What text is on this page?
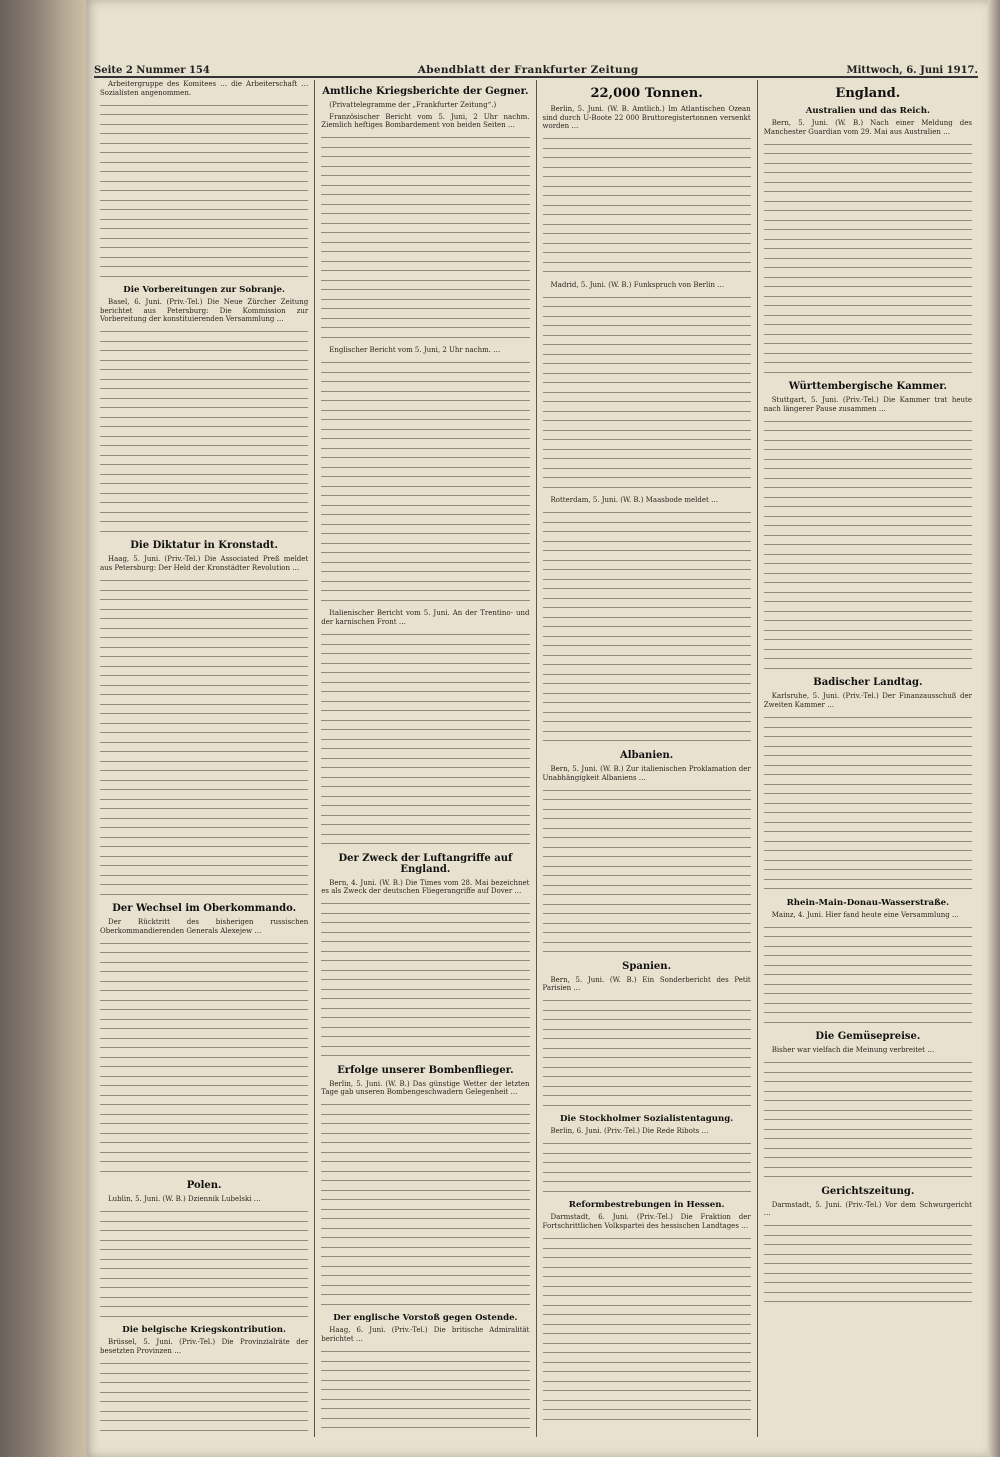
Seite 2 Nummer 154	Abendblatt der Frankfurter Zeitung	Mittwoch, 6. Juni 1917.

Arbeitergruppe des Komitees … die Arbeiterschaft … Sozialisten angenommen.

Die Vorbereitungen zur Sobranje.

Basel, 6. Juni. (Priv.-Tel.) Die Neue Zürcher Zeitung berichtet aus Petersburg: Die Kommission zur Vorbereitung der konstituierenden Versammlung …

Die Diktatur in Kronstadt.

Haag, 5. Juni. (Priv.-Tel.) Die Associated Preß meldet aus Petersburg: Der Held der Kronstädter Revolution …

Der Wechsel im Oberkommando.

Der Rücktritt des bisherigen russischen Oberkommandierenden Generals Alexejew …

Polen.

Lublin, 5. Juni. (W. B.) Dziennik Lubelski …

Die belgische Kriegskontribution.

Brüssel, 5. Juni. (Priv.-Tel.) Die Provinzialräte der besetzten Provinzen …

Amtliche Kriegsberichte der Gegner.

(Privattelegramme der „Frankfurter Zeitung“.)

Französischer Bericht vom 5. Juni, 2 Uhr nachm. Ziemlich heftiges Bombardement von beiden Seiten …

Englischer Bericht vom 5. Juni, 2 Uhr nachm. …

Italienischer Bericht vom 5. Juni. An der Trentino- und der karnischen Front …

Der Zweck der Luftangriffe auf England.

Bern, 4. Juni. (W. B.) Die Times vom 28. Mai bezeichnet es als Zweck der deutschen Fliegerangriffe auf Dover …

Erfolge unserer Bombenflieger.

Berlin, 5. Juni. (W. B.) Das günstige Wetter der letzten Tage gab unseren Bombengeschwadern Gelegenheit …

Der englische Vorstoß gegen Ostende.

Haag, 6. Juni. (Priv.-Tel.) Die britische Admiralität berichtet …

22,000 Tonnen.

Berlin, 5. Juni. (W. B. Amtlich.) Im Atlantischen Ozean sind durch U-Boote 22 000 Bruttoregistertonnen versenkt worden …

Madrid, 5. Juni. (W. B.) Funkspruch von Berlin …

Rotterdam, 5. Juni. (W. B.) Maasbode meldet …

Albanien.

Bern, 5. Juni. (W. B.) Zur italienischen Proklamation der Unabhängigkeit Albaniens …

Spanien.

Bern, 5. Juni. (W. B.) Ein Sonderbericht des Petit Parisien …

Die Stockholmer Sozialistentagung.

Berlin, 6. Juni. (Priv.-Tel.) Die Rede Ribots …

Reformbestrebungen in Hessen.

Darmstadt, 6. Juni. (Priv.-Tel.) Die Fraktion der Fortschrittlichen Volkspartei des hessischen Landtages …

England.
Australien und das Reich.

Bern, 5. Juni. (W. B.) Nach einer Meldung des Manchester Guardian vom 29. Mai aus Australien …

Württembergische Kammer.

Stuttgart, 5. Juni. (Priv.-Tel.) Die Kammer trat heute nach längerer Pause zusammen …

Badischer Landtag.

Karlsruhe, 5. Juni. (Priv.-Tel.) Der Finanzausschuß der Zweiten Kammer …

Rhein-Main-Donau-Wasserstraße.

Mainz, 4. Juni. Hier fand heute eine Versammlung …

Die Gemüsepreise.

Bisher war vielfach die Meinung verbreitet …

Gerichtszeitung.

Darmstadt, 5. Juni. (Priv.-Tel.) Vor dem Schwurgericht …
